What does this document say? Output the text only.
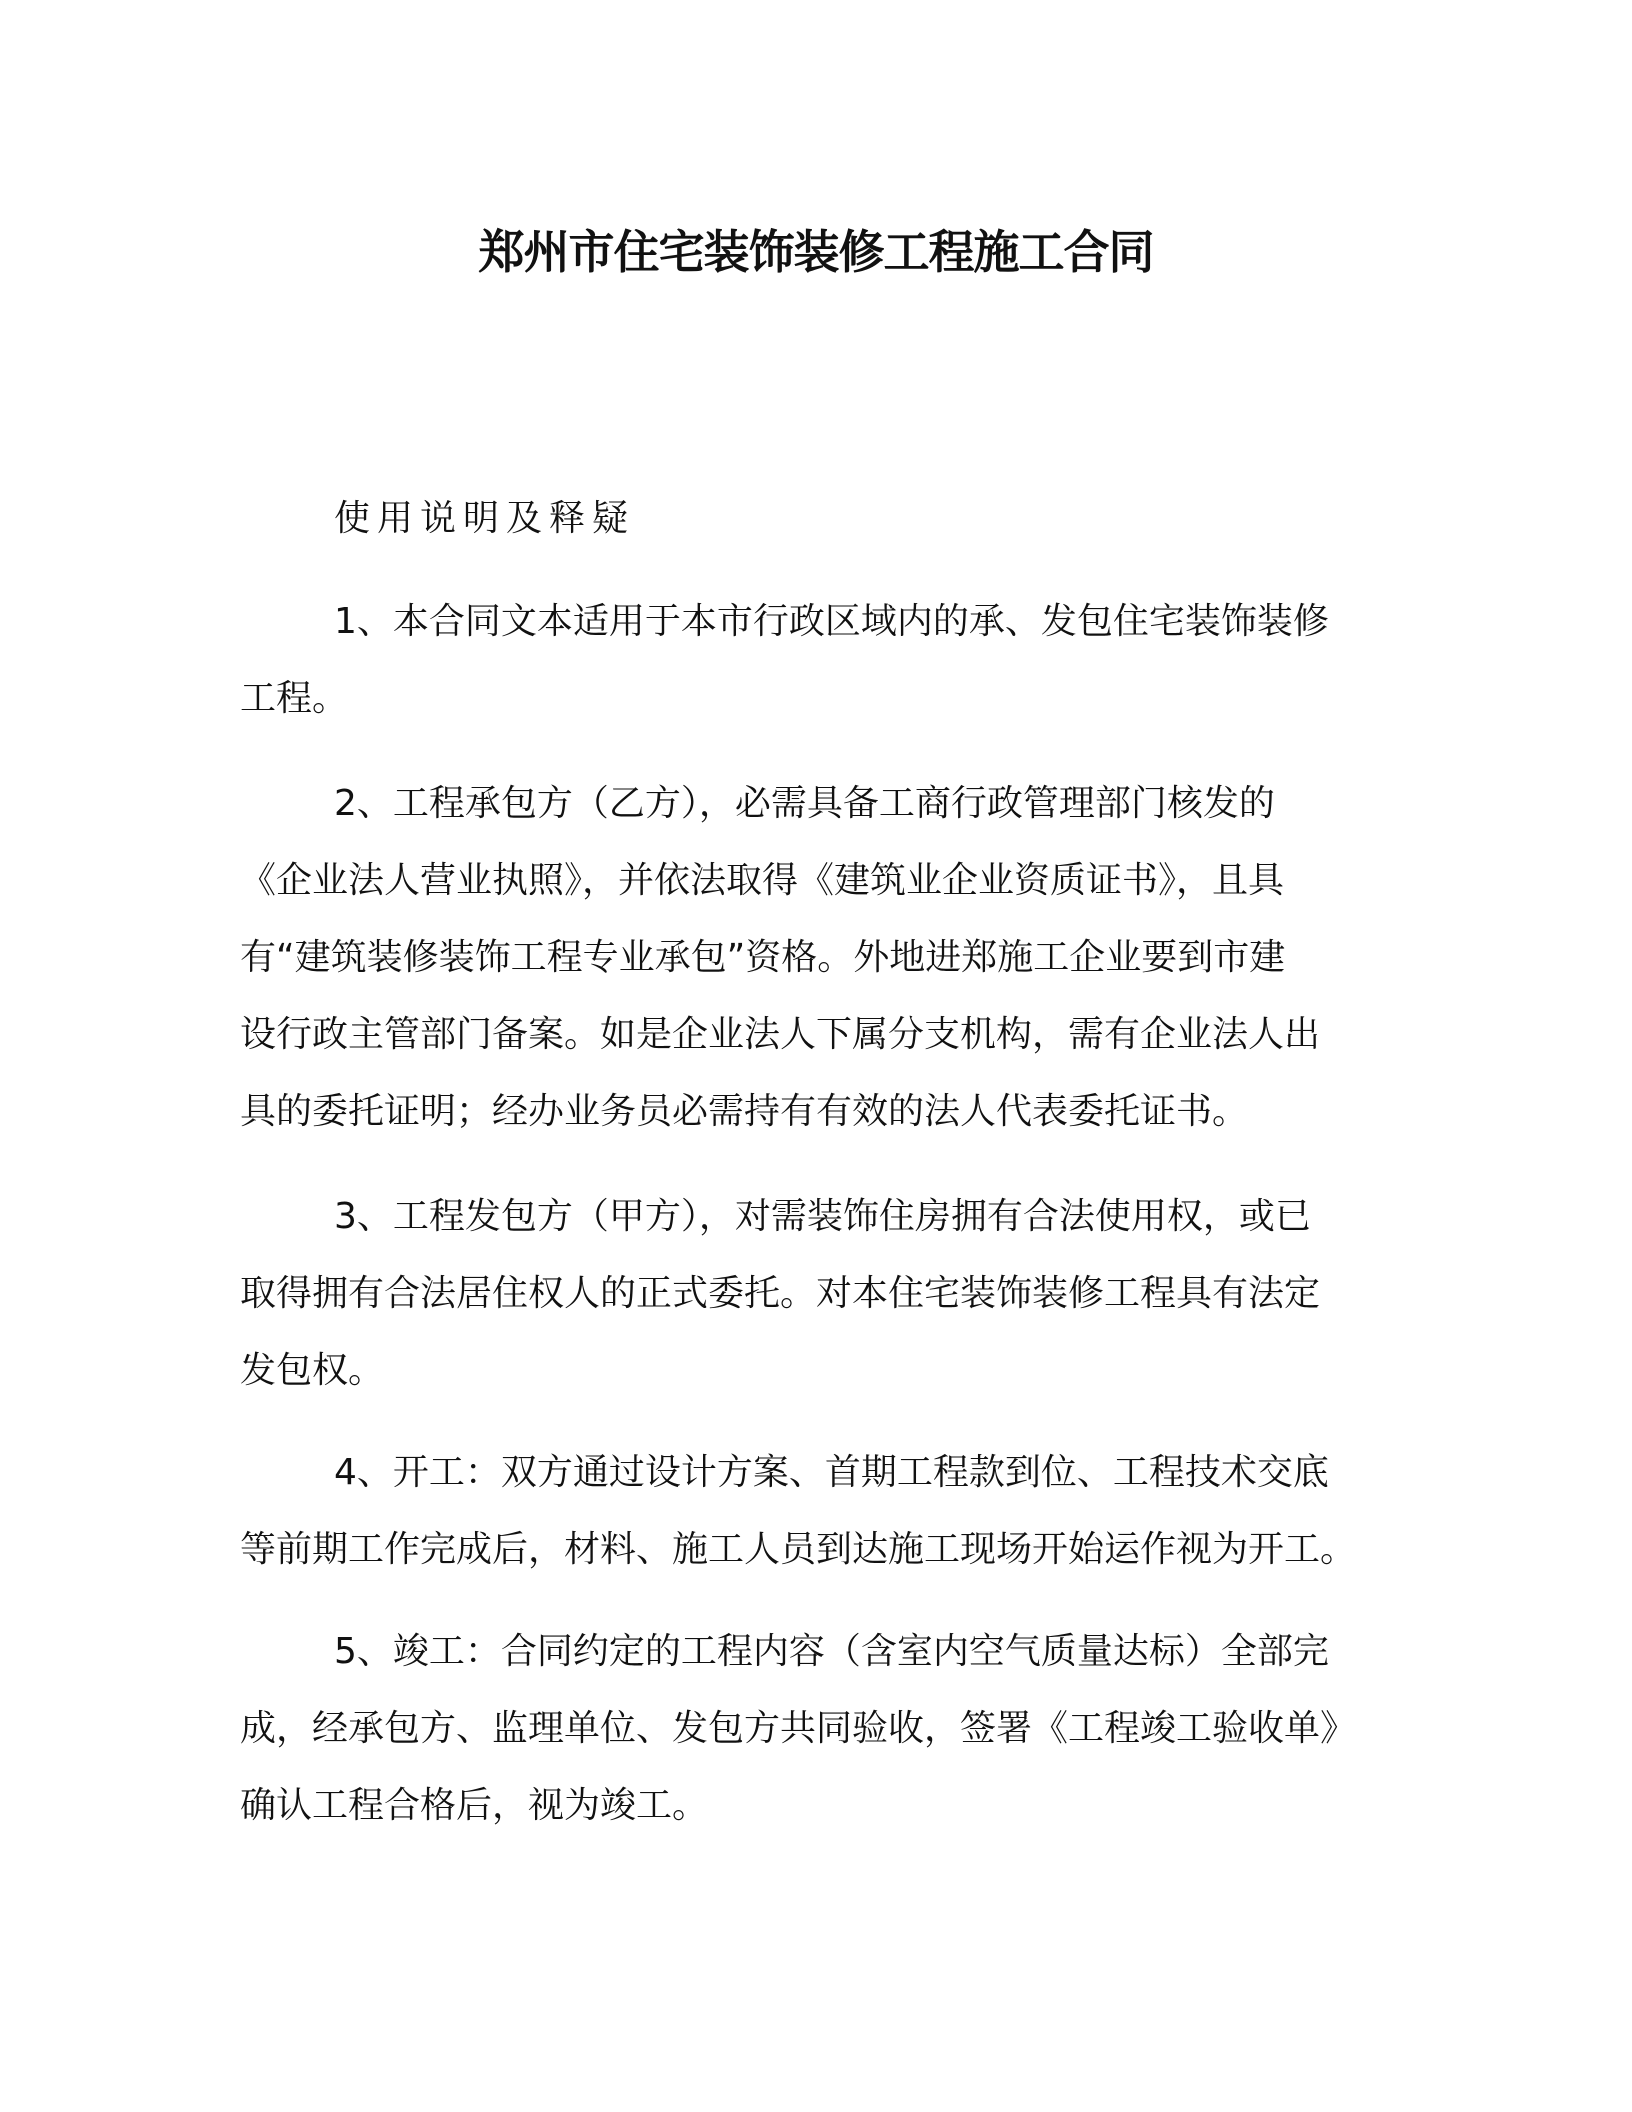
郑州市住宅装饰装修工程施工合同
使用说明及释疑

1、本合同文本适用于本市行政区域内的承、发包住宅装饰装修
工程。

2、工程承包方（乙方），必需具备工商行政管理部门核发的
《企业法人营业执照》，并依法取得《建筑业企业资质证书》，且具
有“建筑装修装饰工程专业承包”资格。外地进郑施工企业要到市建
设行政主管部门备案。如是企业法人下属分支机构，需有企业法人出
具的委托证明；经办业务员必需持有有效的法人代表委托证书。

3、工程发包方（甲方），对需装饰住房拥有合法使用权，或已
取得拥有合法居住权人的正式委托。对本住宅装饰装修工程具有法定
发包权。

4、开工：双方通过设计方案、首期工程款到位、工程技术交底
等前期工作完成后，材料、施工人员到达施工现场开始运作视为开工。

5、竣工：合同约定的工程内容（含室内空气质量达标）全部完
成，经承包方、监理单位、发包方共同验收，签署《工程竣工验收单》
确认工程合格后，视为竣工。
